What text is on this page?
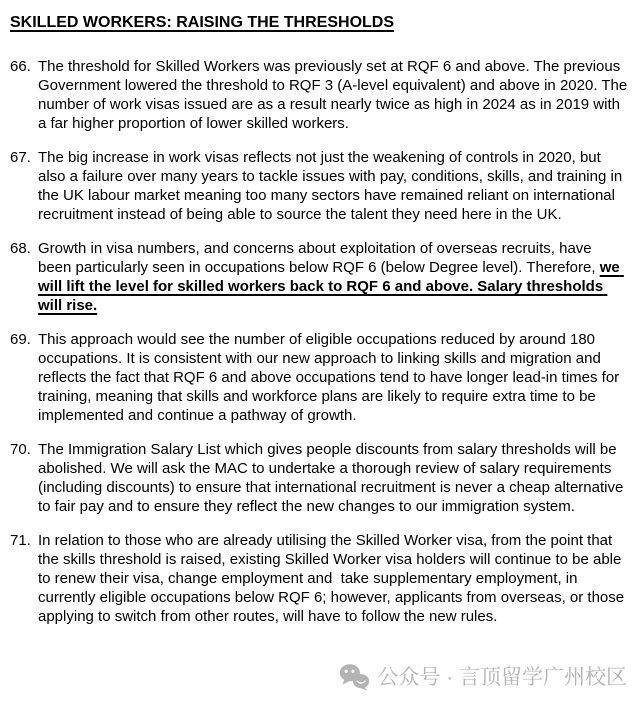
SKILLED WORKERS: RAISING THE THRESHOLDS
66. The threshold for Skilled Workers was previously set at RQF 6 and above. The previous Government lowered the threshold to RQF 3 (A-level equivalent) and above in 2020. The number of work visas issued are as a result nearly twice as high in 2024 as in 2019 with a far higher proportion of lower skilled workers.
67. The big increase in work visas reflects not just the weakening of controls in 2020, but also a failure over many years to tackle issues with pay, conditions, skills, and training in the UK labour market meaning too many sectors have remained reliant on international recruitment instead of being able to source the talent they need here in the UK.
68. Growth in visa numbers, and concerns about exploitation of overseas recruits, have been particularly seen in occupations below RQF 6 (below Degree level). Therefore, we will lift the level for skilled workers back to RQF 6 and above. Salary thresholds will rise.
69. This approach would see the number of eligible occupations reduced by around 180 occupations. It is consistent with our new approach to linking skills and migration and reflects the fact that RQF 6 and above occupations tend to have longer lead-in times for training, meaning that skills and workforce plans are likely to require extra time to be implemented and continue a pathway of growth.
70. The Immigration Salary List which gives people discounts from salary thresholds will be abolished. We will ask the MAC to undertake a thorough review of salary requirements (including discounts) to ensure that international recruitment is never a cheap alternative to fair pay and to ensure they reflect the new changes to our immigration system.
71. In relation to those who are already utilising the Skilled Worker visa, from the point that the skills threshold is raised, existing Skilled Worker visa holders will continue to be able to renew their visa, change employment and  take supplementary employment, in currently eligible occupations below RQF 6; however, applicants from overseas, or those applying to switch from other routes, will have to follow the new rules.
公众号 · 言顶留学广州校区
